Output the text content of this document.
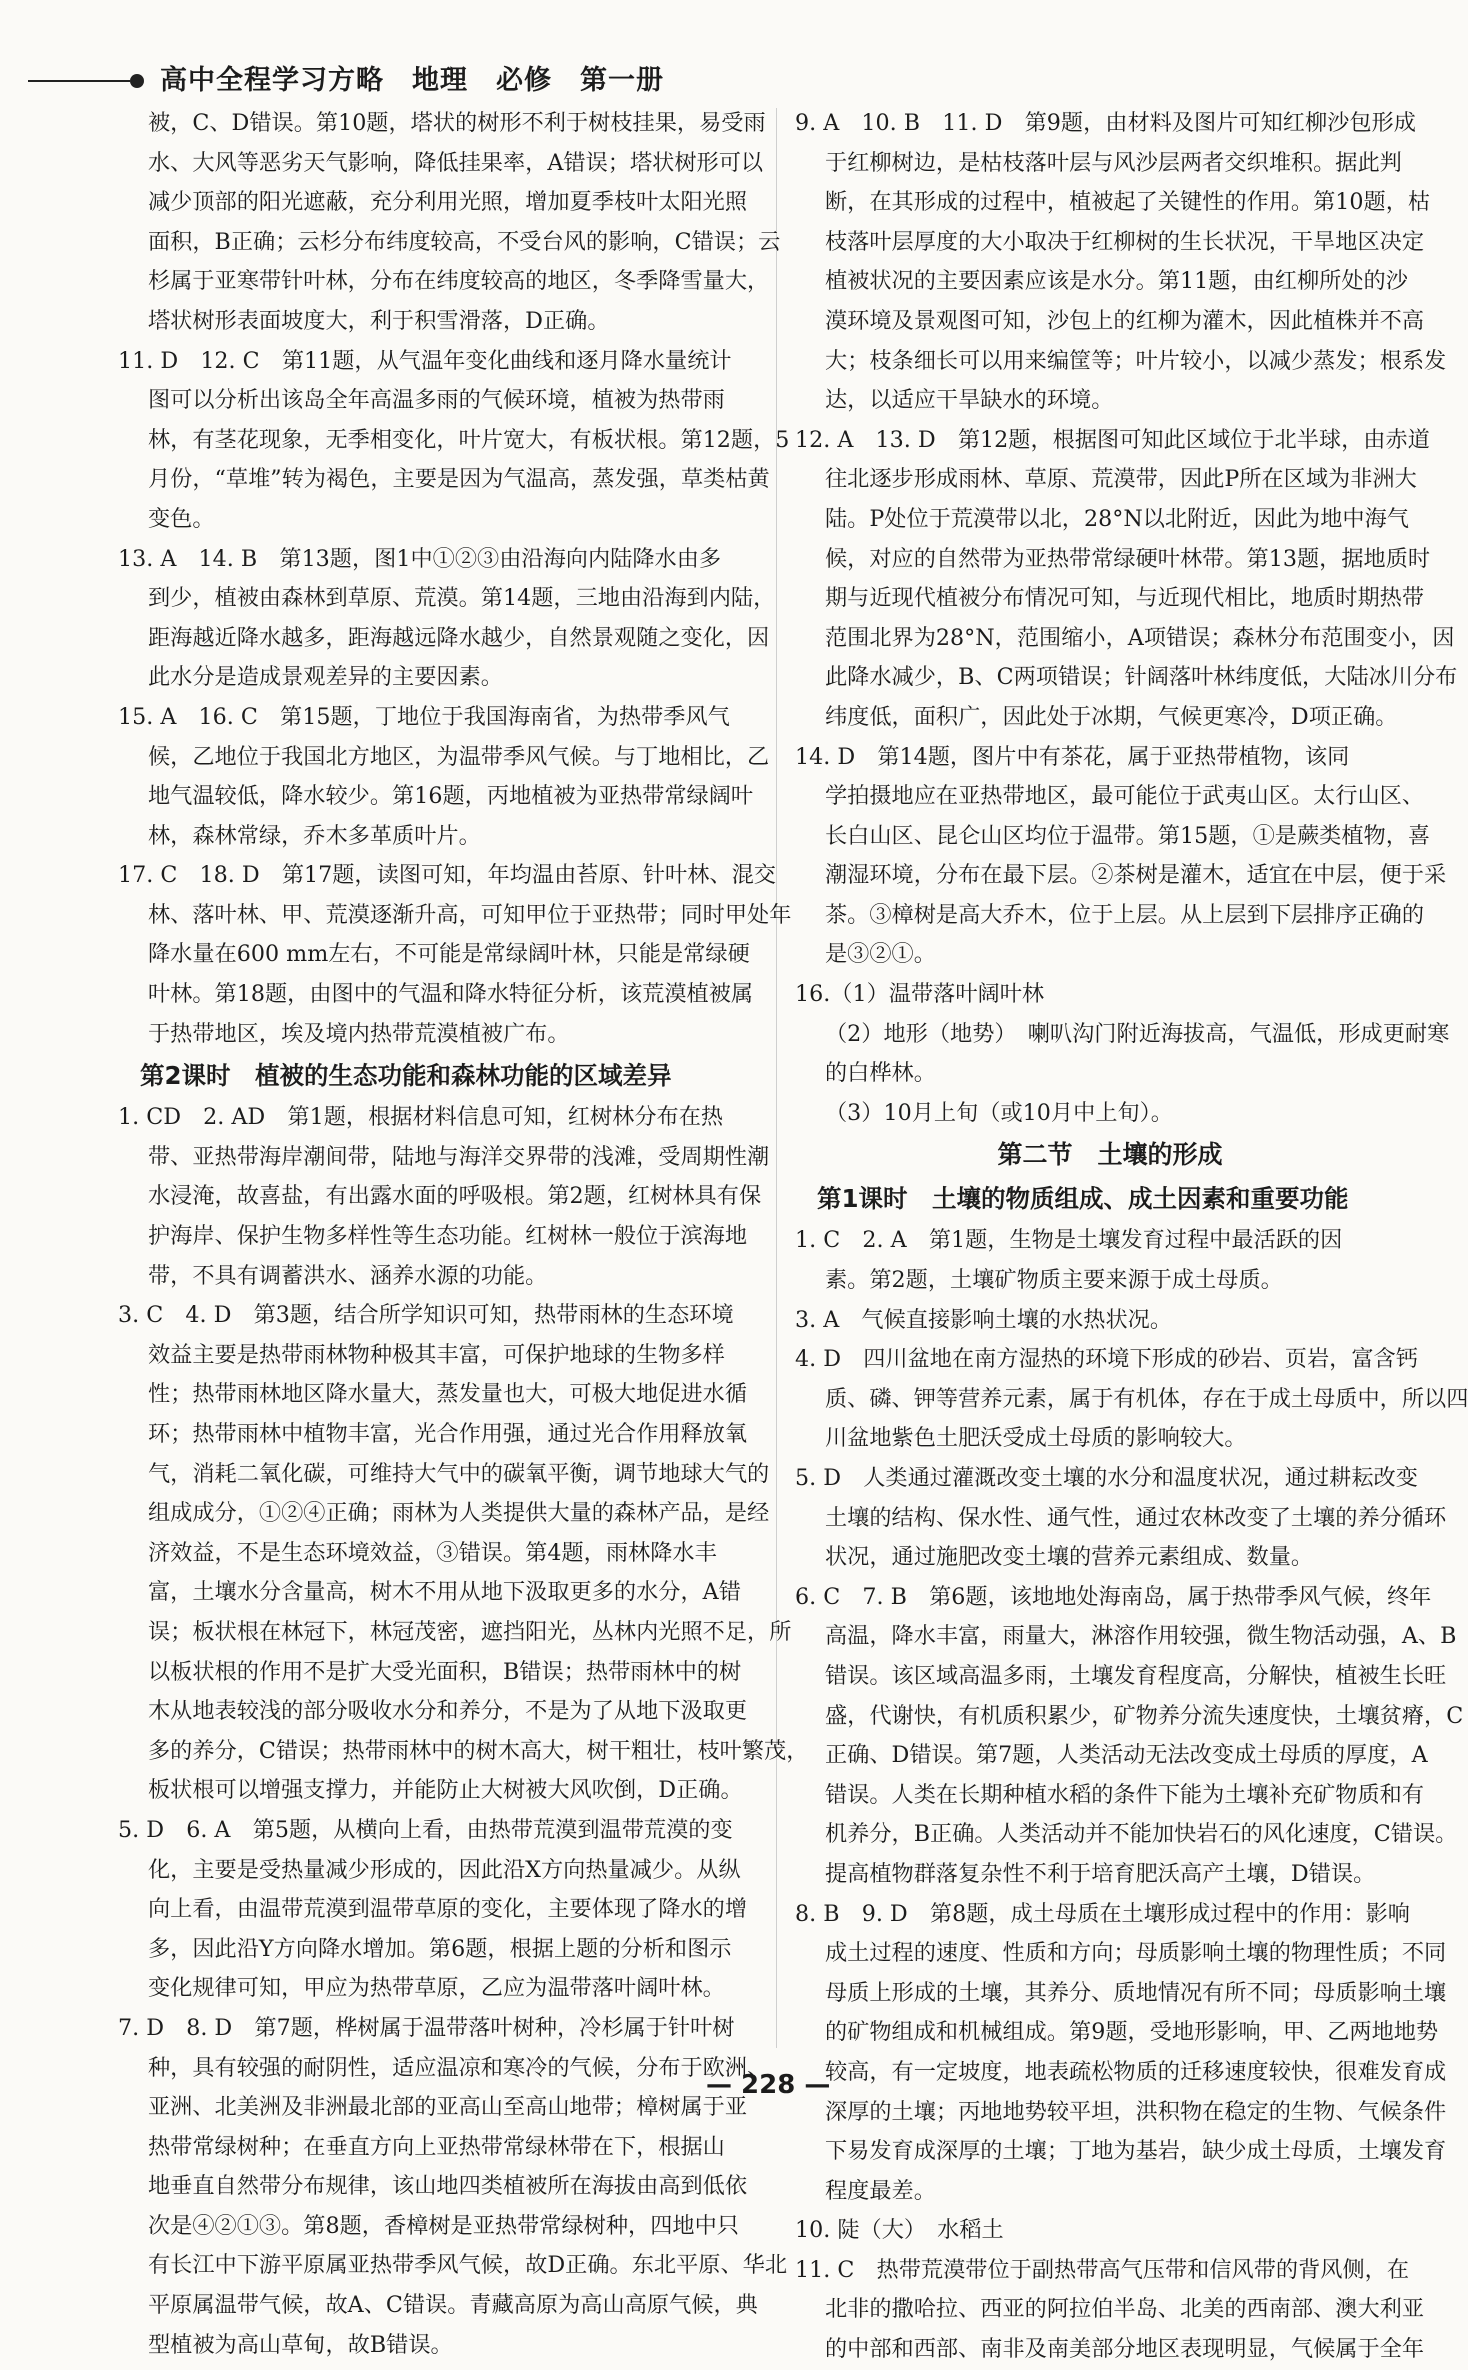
高中全程学习方略　地理　必修　第一册
被，C、D错误。第10题，塔状的树形不利于树枝挂果，易受雨
水、大风等恶劣天气影响，降低挂果率，A错误；塔状树形可以
减少顶部的阳光遮蔽，充分利用光照，增加夏季枝叶太阳光照
面积，B正确；云杉分布纬度较高，不受台风的影响，C错误；云
杉属于亚寒带针叶林，分布在纬度较高的地区，冬季降雪量大，
塔状树形表面坡度大，利于积雪滑落，D正确。
11. D　12. C　第11题，从气温年变化曲线和逐月降水量统计
图可以分析出该岛全年高温多雨的气候环境，植被为热带雨
林，有茎花现象，无季相变化，叶片宽大，有板状根。第12题，5
月份，“草堆”转为褐色，主要是因为气温高，蒸发强，草类枯黄
变色。
13. A　14. B　第13题，图1中①②③由沿海向内陆降水由多
到少，植被由森林到草原、荒漠。第14题，三地由沿海到内陆，
距海越近降水越多，距海越远降水越少，自然景观随之变化，因
此水分是造成景观差异的主要因素。
15. A　16. C　第15题，丁地位于我国海南省，为热带季风气
候，乙地位于我国北方地区，为温带季风气候。与丁地相比，乙
地气温较低，降水较少。第16题，丙地植被为亚热带常绿阔叶
林，森林常绿，乔木多革质叶片。
17. C　18. D　第17题，读图可知，年均温由苔原、针叶林、混交
林、落叶林、甲、荒漠逐渐升高，可知甲位于亚热带；同时甲处年
降水量在600 mm左右，不可能是常绿阔叶林，只能是常绿硬
叶林。第18题，由图中的气温和降水特征分析，该荒漠植被属
于热带地区，埃及境内热带荒漠植被广布。
第2课时　植被的生态功能和森林功能的区域差异
1. CD　2. AD　第1题，根据材料信息可知，红树林分布在热
带、亚热带海岸潮间带，陆地与海洋交界带的浅滩，受周期性潮
水浸淹，故喜盐，有出露水面的呼吸根。第2题，红树林具有保
护海岸、保护生物多样性等生态功能。红树林一般位于滨海地
带，不具有调蓄洪水、涵养水源的功能。
3. C　4. D　第3题，结合所学知识可知，热带雨林的生态环境
效益主要是热带雨林物种极其丰富，可保护地球的生物多样
性；热带雨林地区降水量大，蒸发量也大，可极大地促进水循
环；热带雨林中植物丰富，光合作用强，通过光合作用释放氧
气，消耗二氧化碳，可维持大气中的碳氧平衡，调节地球大气的
组成成分，①②④正确；雨林为人类提供大量的森林产品，是经
济效益，不是生态环境效益，③错误。第4题，雨林降水丰
富，土壤水分含量高，树木不用从地下汲取更多的水分，A错
误；板状根在林冠下，林冠茂密，遮挡阳光，丛林内光照不足，所
以板状根的作用不是扩大受光面积，B错误；热带雨林中的树
木从地表较浅的部分吸收水分和养分，不是为了从地下汲取更
多的养分，C错误；热带雨林中的树木高大，树干粗壮，枝叶繁茂，
板状根可以增强支撑力，并能防止大树被大风吹倒，D正确。
5. D　6. A　第5题，从横向上看，由热带荒漠到温带荒漠的变
化，主要是受热量减少形成的，因此沿X方向热量减少。从纵
向上看，由温带荒漠到温带草原的变化，主要体现了降水的增
多，因此沿Y方向降水增加。第6题，根据上题的分析和图示
变化规律可知，甲应为热带草原，乙应为温带落叶阔叶林。
7. D　8. D　第7题，桦树属于温带落叶树种，冷杉属于针叶树
种，具有较强的耐阴性，适应温凉和寒冷的气候，分布于欧洲、
亚洲、北美洲及非洲最北部的亚高山至高山地带；樟树属于亚
热带常绿树种；在垂直方向上亚热带常绿林带在下，根据山
地垂直自然带分布规律，该山地四类植被所在海拔由高到低依
次是④②①③。第8题，香樟树是亚热带常绿树种，四地中只
有长江中下游平原属亚热带季风气候，故D正确。东北平原、华北
平原属温带气候，故A、C错误。青藏高原为高山高原气候，典
型植被为高山草甸，故B错误。
9. A　10. B　11. D　第9题，由材料及图片可知红柳沙包形成
于红柳树边，是枯枝落叶层与风沙层两者交织堆积。据此判
断，在其形成的过程中，植被起了关键性的作用。第10题，枯
枝落叶层厚度的大小取决于红柳树的生长状况，干旱地区决定
植被状况的主要因素应该是水分。第11题，由红柳所处的沙
漠环境及景观图可知，沙包上的红柳为灌木，因此植株并不高
大；枝条细长可以用来编筐等；叶片较小，以减少蒸发；根系发
达，以适应干旱缺水的环境。
12. A　13. D　第12题，根据图可知此区域位于北半球，由赤道
往北逐步形成雨林、草原、荒漠带，因此P所在区域为非洲大
陆。P处位于荒漠带以北，28°N以北附近，因此为地中海气
候，对应的自然带为亚热带常绿硬叶林带。第13题，据地质时
期与近现代植被分布情况可知，与近现代相比，地质时期热带
范围北界为28°N，范围缩小，A项错误；森林分布范围变小，因
此降水减少，B、C两项错误；针阔落叶林纬度低，大陆冰川分布
纬度低，面积广，因此处于冰期，气候更寒冷，D项正确。
14. D　第14题，图片中有茶花，属于亚热带植物，该同
学拍摄地应在亚热带地区，最可能位于武夷山区。太行山区、
长白山区、昆仑山区均位于温带。第15题，①是蕨类植物，喜
潮湿环境，分布在最下层。②茶树是灌木，适宜在中层，便于采
茶。③樟树是高大乔木，位于上层。从上层到下层排序正确的
是③②①。
16.（1）温带落叶阔叶林
（2）地形（地势）　喇叭沟门附近海拔高，气温低，形成更耐寒
的白桦林。
（3）10月上旬（或10月中上旬）。
第二节　土壤的形成
第1课时　土壤的物质组成、成土因素和重要功能
1. C　2. A　第1题，生物是土壤发育过程中最活跃的因
素。第2题，土壤矿物质主要来源于成土母质。
3. A　气候直接影响土壤的水热状况。
4. D　四川盆地在南方湿热的环境下形成的砂岩、页岩，富含钙
质、磷、钾等营养元素，属于有机体，存在于成土母质中，所以四
川盆地紫色土肥沃受成土母质的影响较大。
5. D　人类通过灌溉改变土壤的水分和温度状况，通过耕耘改变
土壤的结构、保水性、通气性，通过农林改变了土壤的养分循环
状况，通过施肥改变土壤的营养元素组成、数量。
6. C　7. B　第6题，该地地处海南岛，属于热带季风气候，终年
高温，降水丰富，雨量大，淋溶作用较强，微生物活动强，A、B
错误。该区域高温多雨，土壤发育程度高，分解快，植被生长旺
盛，代谢快，有机质积累少，矿物养分流失速度快，土壤贫瘠，C
正确、D错误。第7题，人类活动无法改变成土母质的厚度，A
错误。人类在长期种植水稻的条件下能为土壤补充矿物质和有
机养分，B正确。人类活动并不能加快岩石的风化速度，C错误。
提高植物群落复杂性不利于培育肥沃高产土壤，D错误。
8. B　9. D　第8题，成土母质在土壤形成过程中的作用：影响
成土过程的速度、性质和方向；母质影响土壤的物理性质；不同
母质上形成的土壤，其养分、质地情况有所不同；母质影响土壤
的矿物组成和机械组成。第9题，受地形影响，甲、乙两地地势
较高，有一定坡度，地表疏松物质的迁移速度较快，很难发育成
深厚的土壤；丙地地势较平坦，洪积物在稳定的生物、气候条件
下易发育成深厚的土壤；丁地为基岩，缺少成土母质，土壤发育
程度最差。
10. 陡（大）　水稻土
11. C　热带荒漠带位于副热带高气压带和信风带的背风侧，在
北非的撒哈拉、西亚的阿拉伯半岛、北美的西南部、澳大利亚
的中部和西部、南非及南美部分地区表现明显，气候属于全年
— 228 —
